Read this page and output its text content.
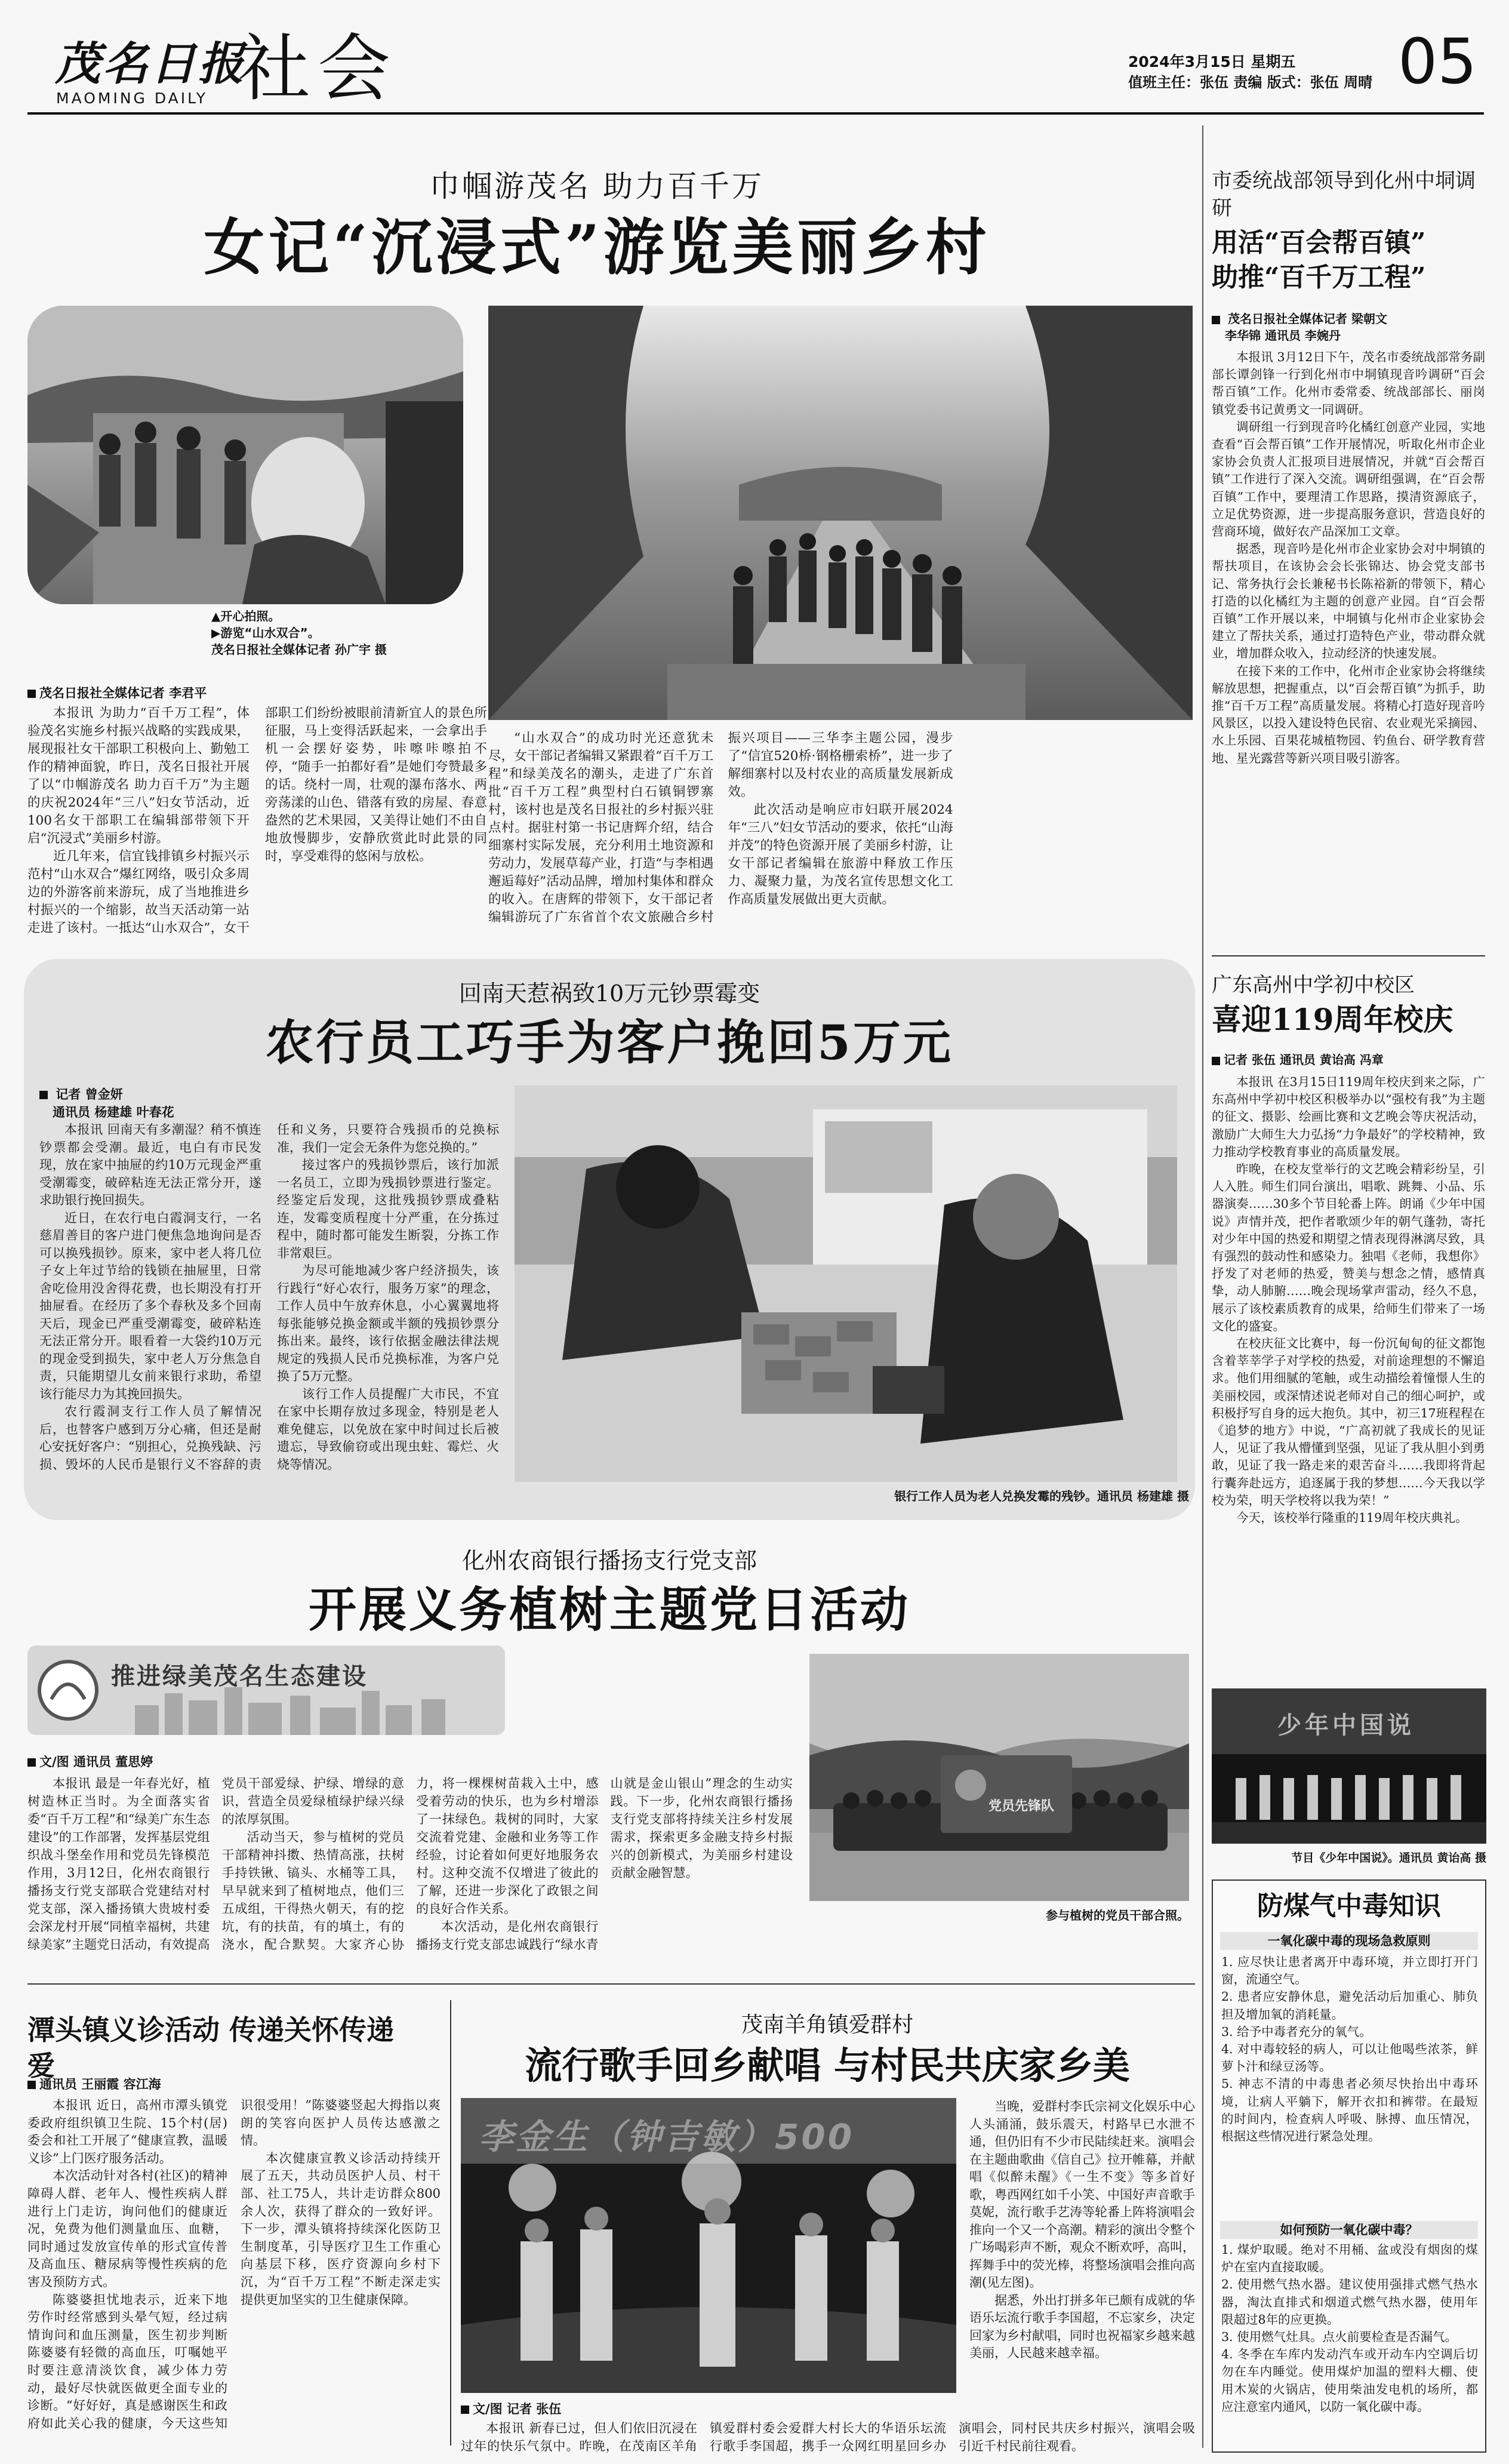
茂名日报
MAOMING DAILY 社会	2024年3月15日 星期五
值班主任：张伍 责编 版式：张伍 周晴 05
巾帼游茂名 助力百千万
女记“沉浸式”游览美丽乡村
▲开心拍照。
▶游览“山水双合”。
茂名日报社全媒体记者 孙广宇 摄
茂名日报社全媒体记者 李君平

本报讯 为助力“百千万工程”，体验茂名实施乡村振兴战略的实践成果，展现报社女干部职工积极向上、勤勉工作的精神面貌，昨日，茂名日报社开展了以“巾帼游茂名 助力百千万”为主题的庆祝2024年“三八”妇女节活动，近100名女干部职工在编辑部带领下开启“沉浸式”美丽乡村游。

近几年来，信宜钱排镇乡村振兴示范村“山水双合”爆红网络，吸引众多周边的外游客前来游玩，成了当地推进乡村振兴的一个缩影，故当天活动第一站走进了该村。一抵达“山水双合”，女干部职工们纷纷被眼前清新宜人的景色所征服，马上变得活跃起来，一会拿出手机一会摆好姿势，咔嚓咔嚓拍不停，“随手一拍都好看”是她们夸赞最多的话。绕村一周，壮观的瀑布落水、两旁荡漾的山色、错落有致的房屋、春意盎然的艺术果园，又美得让她们不由自地放慢脚步，安静欣赏此时此景的同时，享受难得的悠闲与放松。

“山水双合”的成功时光还意犹未尽，女干部记者编辑又紧跟着“百千万工程”和绿美茂名的潮头，走进了广东首批“百千万工程”典型村白石镇铜锣寨村，该村也是茂名日报社的乡村振兴驻点村。据驻村第一书记唐辉介绍，结合细寨村实际发展，充分利用土地资源和劳动力，发展草莓产业，打造“与李相遇 邂逅莓好”活动品牌，增加村集体和群众的收入。在唐辉的带领下，女干部记者编辑游玩了广东省首个农文旅融合乡村振兴项目——三华李主题公园，漫步了“信宜520桥·钢格栅索桥”，进一步了解细寨村以及村农业的高质量发展新成效。

此次活动是响应市妇联开展2024年“三八”妇女节活动的要求，依托“山海并茂”的特色资源开展了美丽乡村游，让女干部记者编辑在旅游中释放工作压力、凝聚力量，为茂名宣传思想文化工作高质量发展做出更大贡献。

回南天惹祸致10万元钞票霉变
农行员工巧手为客户挽回5万元
记者 曾金妍
通讯员 杨建雄 叶春花

本报讯 回南天有多潮湿？稍不慎连钞票都会受潮。最近，电白有市民发现，放在家中抽屉的约10万元现金严重受潮霉变，破碎粘连无法正常分开，遂求助银行挽回损失。

近日，在农行电白霞洞支行，一名慈眉善目的客户进门便焦急地询问是否可以换残损钞。原来，家中老人将几位子女上年过节给的钱锁在抽屉里，日常舍吃俭用没舍得花费，也长期没有打开抽屉看。在经历了多个春秋及多个回南天后，现金已严重受潮霉变，破碎粘连无法正常分开。眼看着一大袋约10万元的现金受到损失，家中老人万分焦急自责，只能期望儿女前来银行求助，希望该行能尽力为其挽回损失。

农行霞洞支行工作人员了解情况后，也替客户感到万分心痛，但还是耐心安抚好客户：“别担心，兑换残缺、污损、毁坏的人民币是银行义不容辞的责任和义务，只要符合残损币的兑换标准，我们一定会无条件为您兑换的。”

接过客户的残损钞票后，该行加派一名员工，立即为残损钞票进行鉴定。经鉴定后发现，这批残损钞票成叠粘连，发霉变质程度十分严重，在分拣过程中，随时都可能发生断裂，分拣工作非常艰巨。

为尽可能地减少客户经济损失，该行践行“好心农行，服务万家”的理念，工作人员中午放弃休息，小心翼翼地将每张能够兑换金额或半额的残损钞票分拣出来。最终，该行依据金融法律法规规定的残损人民币兑换标准，为客户兑换了5万元整。

该行工作人员提醒广大市民，不宜在家中长期存放过多现金，特别是老人难免健忘，以免放在家中时间过长后被遗忘，导致偷窃或出现虫蛀、霉烂、火烧等情况。

银行工作人员为老人兑换发霉的残钞。通讯员 杨建雄 摄
化州农商银行播扬支行党支部
开展义务植树主题党日活动
推进绿美茂名生态建设
文/图 通讯员 董思婷

本报讯 最是一年春光好，植树造林正当时。为全面落实省委“百千万工程”和“绿美广东生态建设”的工作部署，发挥基层党组织战斗堡垒作用和党员先锋模范作用，3月12日，化州农商银行播扬支行党支部联合党建结对村党支部，深入播扬镇大贵坡村委会深龙村开展“同植幸福树，共建绿美家”主题党日活动，有效提高党员干部爱绿、护绿、增绿的意识，营造全员爱绿植绿护绿兴绿的浓厚氛围。

活动当天，参与植树的党员干部精神抖擞、热情高涨，扶树手持铁锹、镐头、水桶等工具，早早就来到了植树地点，他们三五成组，干得热火朝天，有的挖坑，有的扶苗，有的填土，有的浇水，配合默契。大家齐心协力，将一棵棵树苗栽入土中，感受着劳动的快乐，也为乡村增添了一抹绿色。栽树的同时，大家交流着党建、金融和业务等工作经验，讨论着如何更好地服务农村。这种交流不仅增进了彼此的了解，还进一步深化了政银之间的良好合作关系。

本次活动，是化州农商银行播扬支行党支部忠诚践行“绿水青山就是金山银山”理念的生动实践。下一步，化州农商银行播扬支行党支部将持续关注乡村发展需求，探索更多金融支持乡村振兴的创新模式，为美丽乡村建设贡献金融智慧。

党员先锋队
参与植树的党员干部合照。
潭头镇义诊活动 传递关怀传递爱
通讯员 王丽霞 容江海

本报讯 近日，高州市潭头镇党委政府组织镇卫生院、15个村(居)委会和社工开展了“健康宣教，温暖义诊”上门医疗服务活动。

本次活动针对各村(社区)的精神障碍人群、老年人、慢性疾病人群进行上门走访，询问他们的健康近况，免费为他们测量血压、血糖，同时通过发放宣传单的形式宣传普及高血压、糖尿病等慢性疾病的危害及预防方式。

陈婆婆担忧地表示，近来下地劳作时经常感到头晕气短，经过病情询问和血压测量，医生初步判断陈婆婆有轻微的高血压，叮嘱她平时要注意清淡饮食，减少体力劳动，最好尽快就医做更全面专业的诊断。“好好好，真是感谢医生和政府如此关心我的健康，今天这些知识很受用！”陈婆婆竖起大拇指以爽朗的笑容向医护人员传达感激之情。

本次健康宣教义诊活动持续开展了五天，共动员医护人员、村干部、社工75人，共计走访群众800余人次，获得了群众的一致好评。下一步，潭头镇将持续深化医防卫生制度革，引导医疗卫生工作重心向基层下移，医疗资源向乡村下沉，为“百千万工程”不断走深走实提供更加坚实的卫生健康保障。

茂南羊角镇爱群村
流行歌手回乡献唱 与村民共庆家乡美
李金生（钟吉敏）500
文/图 记者 张伍

本报讯 新春已过，但人们依旧沉浸在过年的快乐气氛中。昨晚，在茂南区羊角镇爱群村委会爱群大村长大的华语乐坛流行歌手李国超，携手一众网红明星回乡办演唱会，同村民共庆乡村振兴，演唱会吸引近千村民前往观看。

当晚，爱群村李氏宗祠文化娱乐中心人头涌涌，鼓乐震天，村路早已水泄不通，但仍旧有不少市民陆续赶来。演唱会在主题曲歌曲《信自己》拉开帷幕，并献唱《似醉未醒》《一生不变》等多首好歌，粤西网红如千小笑、中国好声音歌手莫妮，流行歌手艺涛等轮番上阵将演唱会推向一个又一个高潮。精彩的演出令整个广场喝彩声不断，观众不断欢呼，高叫，挥舞手中的荧光棒，将整场演唱会推向高潮(见左图)。

据悉，外出打拼多年已颇有成就的华语乐坛流行歌手李国超，不忘家乡，决定回家为乡村献唱，同时也祝福家乡越来越美丽，人民越来越幸福。

市委统战部领导到化州中垌调研
用活“百会帮百镇”
助推“百千万工程”
茂名日报社全媒体记者 梁朝文
李华锦 通讯员 李婉丹

本报讯 3月12日下午，茂名市委统战部常务副部长谭剑锋一行到化州市中垌镇现音吟调研“百会帮百镇”工作。化州市委常委、统战部部长、丽岗镇党委书记黄勇文一同调研。

调研组一行到现音吟化橘红创意产业园，实地查看“百会帮百镇”工作开展情况，听取化州市企业家协会负责人汇报项目进展情况，并就“百会帮百镇”工作进行了深入交流。调研组强调，在“百会帮百镇”工作中，要理清工作思路，摸清资源底子，立足优势资源，进一步提高服务意识，营造良好的营商环境，做好农产品深加工文章。

据悉，现音吟是化州市企业家协会对中垌镇的帮扶项目，在该协会会长张锦达、协会党支部书记、常务执行会长兼秘书长陈裕新的带领下，精心打造的以化橘红为主题的创意产业园。自“百会帮百镇”工作开展以来，中垌镇与化州市企业家协会建立了帮扶关系，通过打造特色产业，带动群众就业，增加群众收入，拉动经济的快速发展。

在接下来的工作中，化州市企业家协会将继续解放思想，把握重点，以“百会帮百镇”为抓手，助推“百千万工程”高质量发展。将精心打造好现音吟风景区，以投入建设特色民宿、农业观光采摘园、水上乐园、百果花城植物园、钓鱼台、研学教育营地、星光露营等新兴项目吸引游客。

广东高州中学初中校区
喜迎119周年校庆
记者 张伍 通讯员 黄诒高 冯章

本报讯 在3月15日119周年校庆到来之际，广东高州中学初中校区积极举办以“强校有我”为主题的征文、摄影、绘画比赛和文艺晚会等庆祝活动，激励广大师生大力弘扬“力争最好”的学校精神，致力推动学校教育事业的高质量发展。

昨晚，在校友堂举行的文艺晚会精彩纷呈，引人入胜。师生们同台演出，唱歌、跳舞、小品、乐器演奏……30多个节目轮番上阵。朗诵《少年中国说》声情并茂，把作者歌颂少年的朝气蓬勃，寄托对少年中国的热爱和期望之情表现得淋漓尽致，具有强烈的鼓动性和感染力。独唱《老师，我想你》抒发了对老师的热爱，赞美与想念之情，感情真挚，动人肺腑……晚会现场掌声雷动，经久不息，展示了该校素质教育的成果，给师生们带来了一场文化的盛宴。

在校庆征文比赛中，每一份沉甸甸的征文都饱含着莘莘学子对学校的热爱，对前途理想的不懈追求。他们用细腻的笔触，或生动描绘着憧憬人生的美丽校园，或深情述说老师对自己的细心呵护，或积极抒写自身的远大抱负。其中，初三17班程程在《追梦的地方》中说，“广高初就了我成长的见证人，见证了我从懵懂到坚强，见证了我从胆小到勇敢，见证了我一路走来的艰苦奋斗……我即将背起行囊奔赴远方，追逐属于我的梦想……今天我以学校为荣，明天学校将以我为荣！”

今天，该校举行隆重的119周年校庆典礼。

少年中国说
节目《少年中国说》。通讯员 黄诒高 摄
防煤气中毒知识
一氧化碳中毒的现场急救原则
1. 应尽快让患者离开中毒环境，并立即打开门窗，流通空气。
2. 患者应安静休息，避免活动后加重心、肺负担及增加氧的消耗量。
3. 给予中毒者充分的氧气。
4. 对中毒较轻的病人，可以让他喝些浓茶，鲜萝卜汁和绿豆汤等。
5. 神志不清的中毒患者必须尽快抬出中毒环境，让病人平躺下，解开衣扣和裤带。在最短的时间内，检查病人呼吸、脉搏、血压情况，根据这些情况进行紧急处理。
如何预防一氧化碳中毒？
1. 煤炉取暖。绝对不用桶、盆或没有烟囱的煤炉在室内直接取暖。
2. 使用燃气热水器。建议使用强排式燃气热水器，淘汰直排式和烟道式燃气热水器，使用年限超过8年的应更换。
3. 使用燃气灶具。点火前要检查是否漏气。
4. 冬季在车库内发动汽车或开动车内空调后切勿在车内睡觉。使用煤炉加温的塑料大棚、使用木炭的火锅店，使用柴油发电机的场所，都应注意室内通风，以防一氧化碳中毒。
